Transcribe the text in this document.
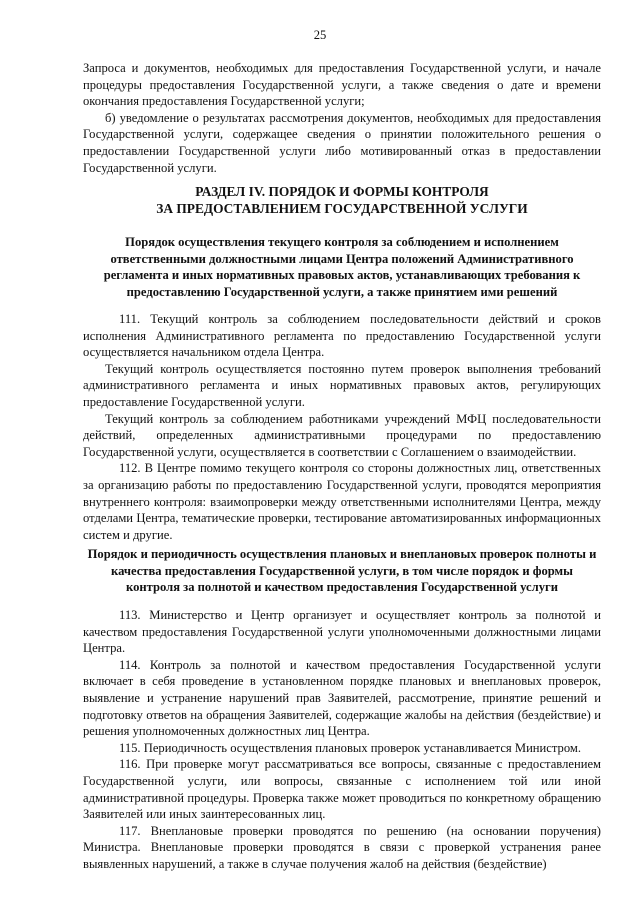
25

Запроса и документов, необходимых для предоставления Государственной услуги, и начале процедуры предоставления Государственной услуги, а также сведения о дате и времени окончания предоставления Государственной услуги;

б) уведомление о результатах рассмотрения документов, необходимых для предоставления Государственной услуги, содержащее сведения о принятии положительного решения о предоставлении Государственной услуги либо мотивированный отказ в предоставлении Государственной услуги.

РАЗДЕЛ IV. ПОРЯДОК И ФОРМЫ КОНТРОЛЯ
ЗА ПРЕДОСТАВЛЕНИЕМ ГОСУДАРСТВЕННОЙ УСЛУГИ

Порядок осуществления текущего контроля за соблюдением и исполнением ответственными должностными лицами Центра положений Административного регламента и иных нормативных правовых актов, устанавливающих требования к предоставлению Государственной услуги, а также принятием ими решений

111. Текущий контроль за соблюдением последовательности действий и сроков исполнения Административного регламента по предоставлению Государственной услуги осуществляется начальником отдела Центра.

Текущий контроль осуществляется постоянно путем проверок выполнения требований административного регламента и иных нормативных правовых актов, регулирующих предоставление Государственной услуги.

Текущий контроль за соблюдением работниками учреждений МФЦ последовательности действий, определенных административными процедурами по предоставлению Государственной услуги, осуществляется в соответствии с Соглашением о взаимодействии.

112. В Центре помимо текущего контроля со стороны должностных лиц, ответственных за организацию работы по предоставлению Государственной услуги, проводятся мероприятия внутреннего контроля: взаимопроверки между ответственными исполнителями Центра, между отделами Центра, тематические проверки, тестирование автоматизированных информационных систем и другие.

Порядок и периодичность осуществления плановых и внеплановых проверок полноты и качества предоставления Государственной услуги, в том числе порядок и формы контроля за полнотой и качеством предоставления Государственной услуги

113. Министерство и Центр организует и осуществляет контроль за полнотой и качеством предоставления Государственной услуги уполномоченными должностными лицами Центра.

114. Контроль за полнотой и качеством предоставления Государственной услуги включает в себя проведение в установленном порядке плановых и внеплановых проверок, выявление и устранение нарушений прав Заявителей, рассмотрение, принятие решений и подготовку ответов на обращения Заявителей, содержащие жалобы на действия (бездействие) и решения уполномоченных должностных лиц Центра.

115. Периодичность осуществления плановых проверок устанавливается Министром.

116. При проверке могут рассматриваться все вопросы, связанные с предоставлением Государственной услуги, или вопросы, связанные с исполнением той или иной административной процедуры. Проверка также может проводиться по конкретному обращению Заявителей или иных заинтересованных лиц.

117. Внеплановые проверки проводятся по решению (на основании поручения) Министра. Внеплановые проверки проводятся в связи с проверкой устранения ранее выявленных нарушений, а также в случае получения жалоб на действия (бездействие)
